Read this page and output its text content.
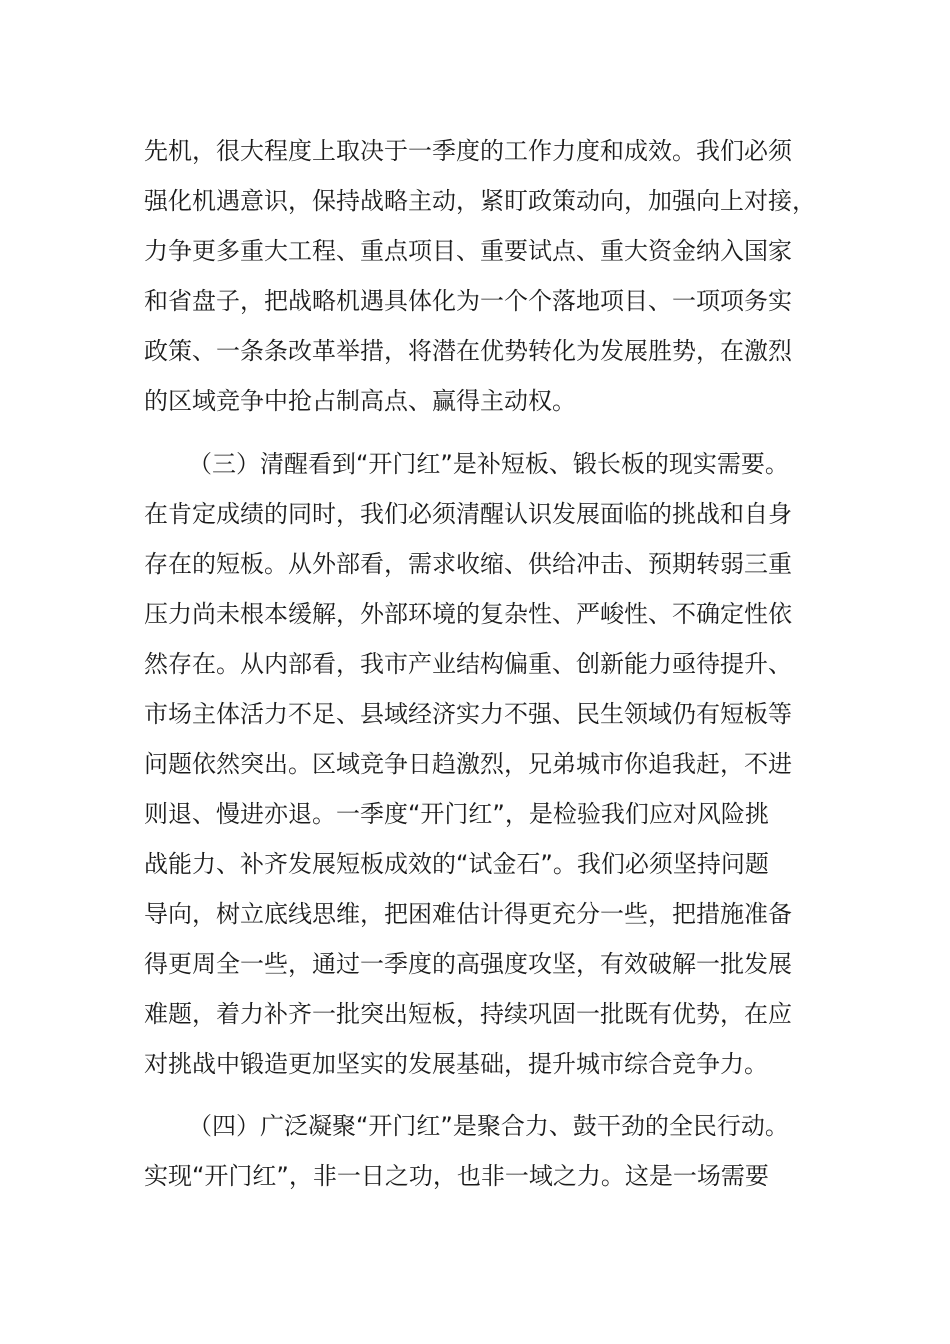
先机，很大程度上取决于一季度的工作力度和成效。我们必须
强化机遇意识，保持战略主动，紧盯政策动向，加强向上对接，
力争更多重大工程、重点项目、重要试点、重大资金纳入国家
和省盘子，把战略机遇具体化为一个个落地项目、一项项务实
政策、一条条改革举措，将潜在优势转化为发展胜势，在激烈
的区域竞争中抢占制高点、赢得主动权。
（三）清醒看到“开门红”是补短板、锻长板的现实需要。
在肯定成绩的同时，我们必须清醒认识发展面临的挑战和自身
存在的短板。从外部看，需求收缩、供给冲击、预期转弱三重
压力尚未根本缓解，外部环境的复杂性、严峻性、不确定性依
然存在。从内部看，我市产业结构偏重、创新能力亟待提升、
市场主体活力不足、县域经济实力不强、民生领域仍有短板等
问题依然突出。区域竞争日趋激烈，兄弟城市你追我赶，不进
则退、慢进亦退。一季度“开门红”，是检验我们应对风险挑
战能力、补齐发展短板成效的“试金石”。我们必须坚持问题
导向，树立底线思维，把困难估计得更充分一些，把措施准备
得更周全一些，通过一季度的高强度攻坚，有效破解一批发展
难题，着力补齐一批突出短板，持续巩固一批既有优势，在应
对挑战中锻造更加坚实的发展基础，提升城市综合竞争力。
（四）广泛凝聚“开门红”是聚合力、鼓干劲的全民行动。
实现“开门红”，非一日之功，也非一域之力。这是一场需要
